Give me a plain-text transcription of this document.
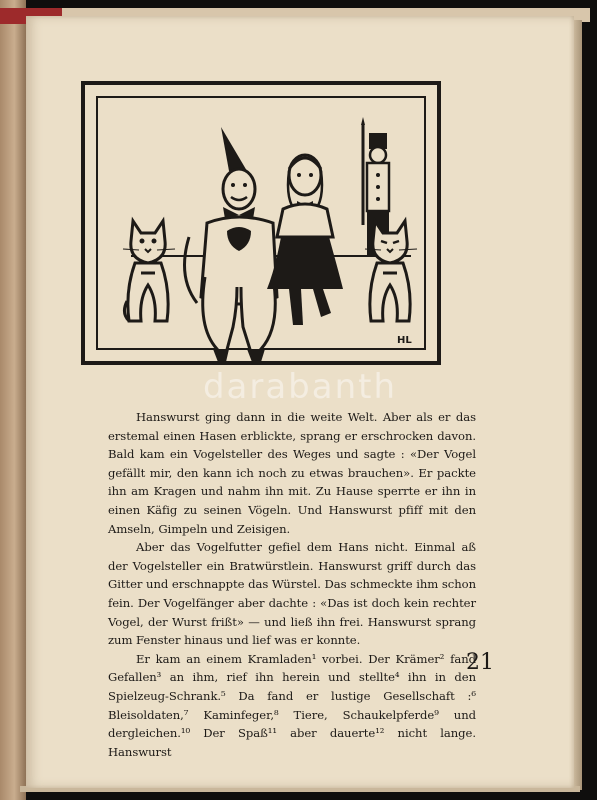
HL
darabanth

Hanswurst ging dann in die weite Welt. Aber als er das erstemal einen Hasen erblickte, sprang er erschrocken davon. Bald kam ein Vogelsteller des Weges und sagte : «Der Vogel gefällt mir, den kann ich noch zu etwas brauchen». Er packte ihn am Kragen und nahm ihn mit. Zu Hause sperrte er ihn in einen Käfig zu seinen Vögeln. Und Hanswurst pfiff mit den Amseln, Gimpeln und Zeisigen.

Aber das Vogelfutter gefiel dem Hans nicht. Einmal aß der Vogelsteller ein Bratwürstlein. Hanswurst griff durch das Gitter und erschnappte das Würstel. Das schmeckte ihm schon fein. Der Vogelfänger aber dachte : «Das ist doch kein rechter Vogel, der Wurst frißt» — und ließ ihn frei. Hanswurst sprang zum Fenster hinaus und lief was er konnte.

Er kam an einem Kramladen¹ vorbei. Der Krämer² fand Gefallen³ an ihm, rief ihn herein und stellte⁴ ihn in den Spielzeug-Schrank.⁵ Da fand er lustige Gesellschaft :⁶ Bleisoldaten,⁷ Kaminfeger,⁸ Tiere, Schaukelpferde⁹ und dergleichen.¹⁰ Der Spaß¹¹ aber dauerte¹² nicht lange. Hanswurst

21
